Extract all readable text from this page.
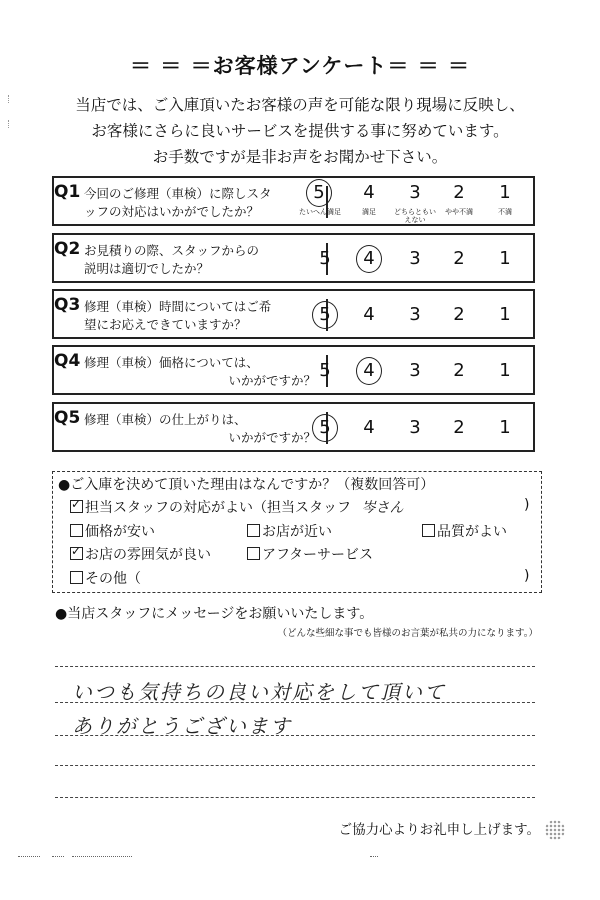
＝ ＝ ＝お客様アンケート＝ ＝ ＝
当店では、ご入庫頂いたお客様の声を可能な限り現場に反映し、
お客様にさらに良いサービスを提供する事に努めています。
お手数ですが是非お声をお聞かせ下さい。
Q1 今回のご修理（車検）に際しスタ
ッフの対応はいかがでしたか？
5	4	3	2	1
たいへん満足	満足	どちらともいえない
やや不満	不満
Q2 お見積りの際、スタッフからの
説明は適切でしたか？	5	4	3	2	1
Q3 修理（車検）時間についてはご希
望にお応えできていますか？	5	4	3	2	1
Q4 修理（車検）価格については、
いかがですか？ 5	4	3	2	1
Q5 修理（車検）の仕上がりは、
いかがですか？ 5	4	3	2	1
●ご入庫を決めて頂いた理由はなんですか？（複数回答可）
✓担当スタッフの対応がよい（担当スタッフ 岑さん	)
価格が安い	お店が近い	品質がよい
✓お店の雰囲気が良い	アフターサービス
その他（	)
●当店スタッフにメッセージをお願いいたします。
（どんな些細な事でも皆様のお言葉が私共の力になります。）
いつも気持ちの良い対応をして頂いて
ありがとうございます
ご協力心よりお礼申し上げます。
